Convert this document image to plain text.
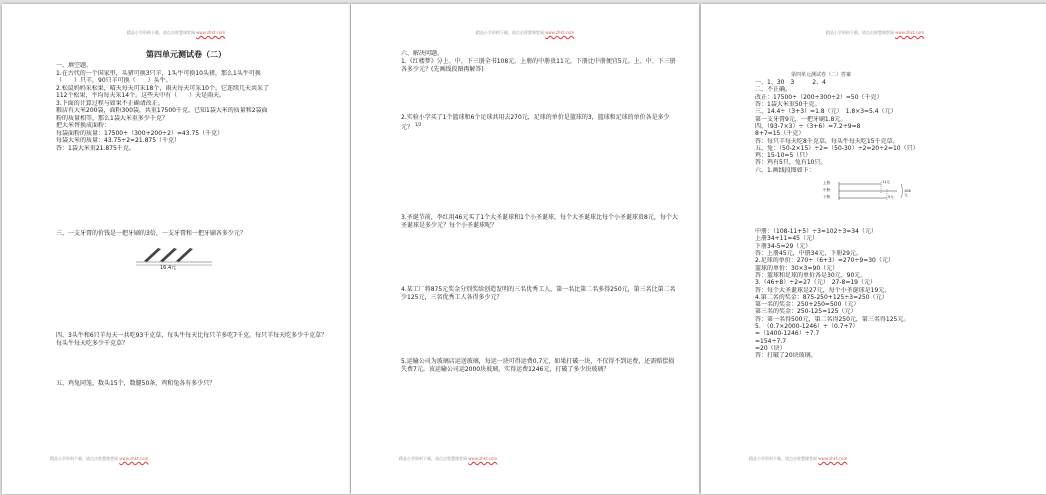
精品小学资料下载，请点击智慧课堂网 www.zhkt.com
第四单元测试卷（二）
一、填空题。
1.在古代的一个国家里，头猪可换3只羊，1头牛可换10头猪，那么1头牛可换
（　　）只羊，90只羊可换（　　）头牛。
2.松鼠妈妈采松果，晴天每天可采18个，雨天每天可采10个。它连续几天共采了
112个松果，平均每天采14个。这些天中有（　　）天是雨天。
3.下面的计算过程与如果不正确请改正。
粮店有大米200袋，面粉300袋，共重17500千克。已知1袋大米的质量和2袋面
粉的质量相等，那么1袋大米重多少千克？
把大米替换成面粉：
每袋面粉的质量：17500÷（300+200÷2）=43.75（千克）
每袋大米的质量：43.75÷2=21.875（千克）
答：1袋大米重21.875千克。
三、一支牙膏的价钱是一把牙刷的3倍，一支牙膏和一把牙刷各多少元？
16.4元
四、3头牛和6只羊每天一共吃93千克草，每头牛每天比每只羊多吃7千克。每只羊每天吃多少千克草？每头牛每天吃多少千克草？
五、鸡兔同笼，数头15个，数腿50条，鸡和兔各有多少只？
精品小学资料下载，请点击智慧课堂网 www.zhkt.com
精品小学资料下载，请点击智慧课堂网 www.zhkt.com
六、解决问题。
1.《红楼梦》分上、中、下三册全书108元。上册的中册贵11元，下册比中册便宜5元。上、中、下三册各多少元？(先画线段图再解答)
2.实验小学买了1个篮球和6个足球共用去270元，足球的单价是篮球的3，篮球和足球的单价各是多少元？ $^{1/2}$
3.圣诞节前，李红用46元买了1个大圣诞球和1个小圣诞球，每个大圣诞球比每个小圣诞球贵8元，每个大圣诞球是多少元？每个小圣诞球呢？
4.某工厂将875元奖金分别奖给创造发明的三名优秀工人，第一名比第二名多得250元，第三名比第二名少125元，三名优秀工人各得多少元？
5.运输公司为玻璃店运送玻璃，每运一块可得运费0.7元，如果打破一块，不仅得不到运费，还需赔偿损失费7元。该运输公司运2000块玻璃，实得运费1246元，打破了多少块玻璃？
精品小学资料下载，请点击智慧课堂网 www.zhkt.com
精品小学资料下载，请点击智慧课堂网 www.zhkt.com
第四单元测试卷（二）答案
一、1、30　3　　　2、4
二、不正确。
改正：17500÷（200÷300÷2）=50（千克）
答：1袋大米重50千克。
三、14.4÷（3+3）=1.8（元）　1.8×3=5.4（元）
第一支牙膏9元，一把牙刷1.8元。
四、（93-7×3）÷（3+6）=7.2÷9=8
8+7=15（千克）
答：每只羊每天吃8千克草，每头牛每天吃15千克草。
五、兔：（50-2×15）÷2=（50-30）÷2=20÷2=10（只）
鸡：15-10=5（只）
答：鸡有5只，兔有10只。
六、1.画线段图如下：
上册：
中册：
下册：
108元
11元
5元
中册：（108-11+5）÷3=102÷3=34（元）
上册34+11=45（元）
下册34-5=29（元）
答：上册45元，中册34元，下册29元。
2.足球的单价：270÷（6+3）=270÷9=30（元）
篮球的单价：30×3=90（元）
答：篮球和足球的单价各是30元、90元。
3.（46+8）÷2=27（元）　27-8=19（元）
答：每个大圣诞球是27元，每个小圣诞球是19元。
4.第二名的奖金：875-250+125÷3=250（元）
第一名的奖金：250+250=500（元）
第三名的奖金：250-125=125（元）
答：第一名得500元，第二名得250元，第三名得125元。
5.　（0.7×2000-1246）÷（0.7+7）
=（1400-1246）÷7.7
=154÷7.7
=20（块）
答：打破了20块玻璃。
精品小学资料下载，请点击智慧课堂网 www.zhkt.com
